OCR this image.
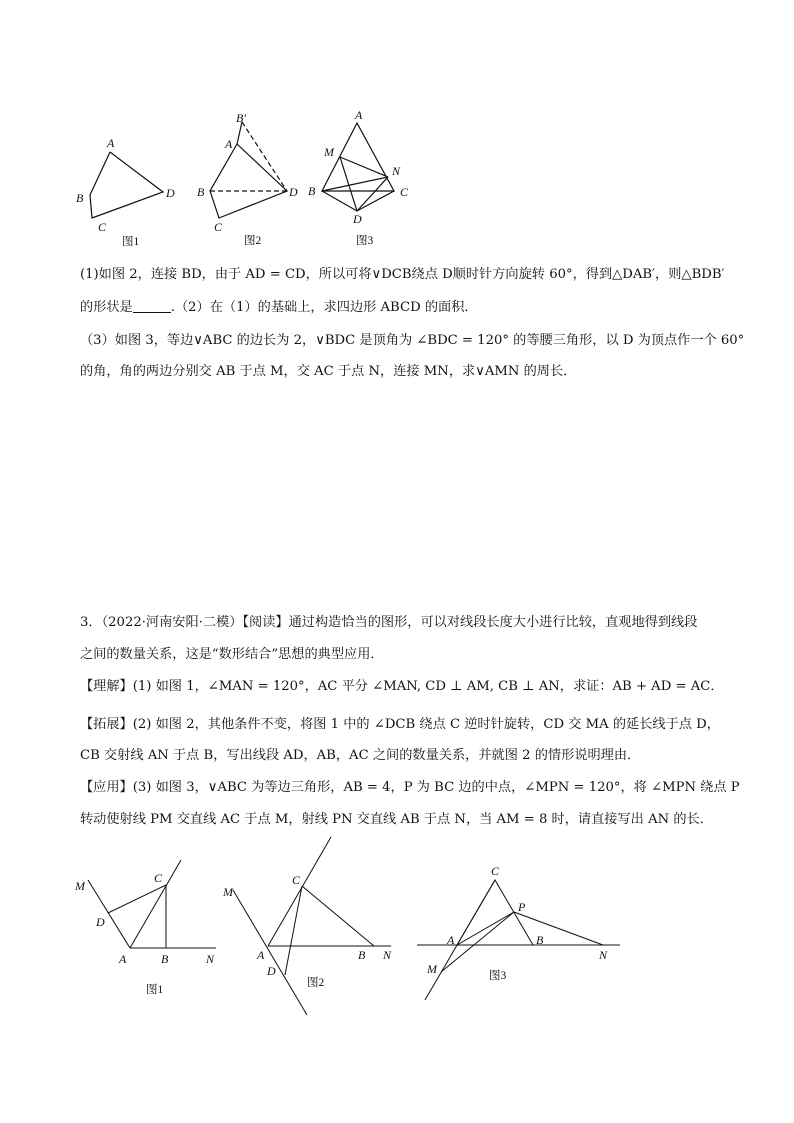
A
B
C
D
图1
B′
A
B
C
D
图2
A
M
N
B	C
D
图3
(1)如图 2，连接 BD，由于 AD = CD，所以可将∨DCB绕点 D顺时针方向旋转 60°，得到△DAB′，则△BDB′
的形状是	.（2）在（1）的基础上，求四边形 ABCD 的面积．
（3）如图 3，等边∨ABC 的边长为 2，∨BDC 是顶角为 ∠BDC = 120° 的等腰三角形，以 D 为顶点作一个 60°
的角，角的两边分别交 AB 于点 M，交 AC 于点 N，连接 MN，求∨AMN 的周长．
3．（2022·河南安阳·二模）【阅读】通过构造恰当的图形，可以对线段长度大小进行比较，直观地得到线段
之间的数量关系，这是“数形结合”思想的典型应用．
【理解】(1) 如图 1，∠MAN = 120°，AC 平分 ∠MAN, CD ⊥ AM, CB ⊥ AN，求证：AB + AD = AC．
【拓展】(2) 如图 2，其他条件不变，将图 1 中的 ∠DCB 绕点 C 逆时针旋转，CD 交 MA 的延长线于点 D，
CB 交射线 AN 于点 B，写出线段 AD，AB，AC 之间的数量关系，并就图 2 的情形说明理由．
【应用】(3) 如图 3，∨ABC 为等边三角形，AB = 4，P 为 BC 边的中点，∠MPN = 120°，将 ∠MPN 绕点 P
转动使射线 PM 交直线 AC 于点 M，射线 PN 交直线 AB 于点 N，当 AM = 8 时，请直接写出 AN 的长．
M
C
D
A	B	N
图1
M
C
A
D
B N
图2
C
P
A	B
N
M	图3
